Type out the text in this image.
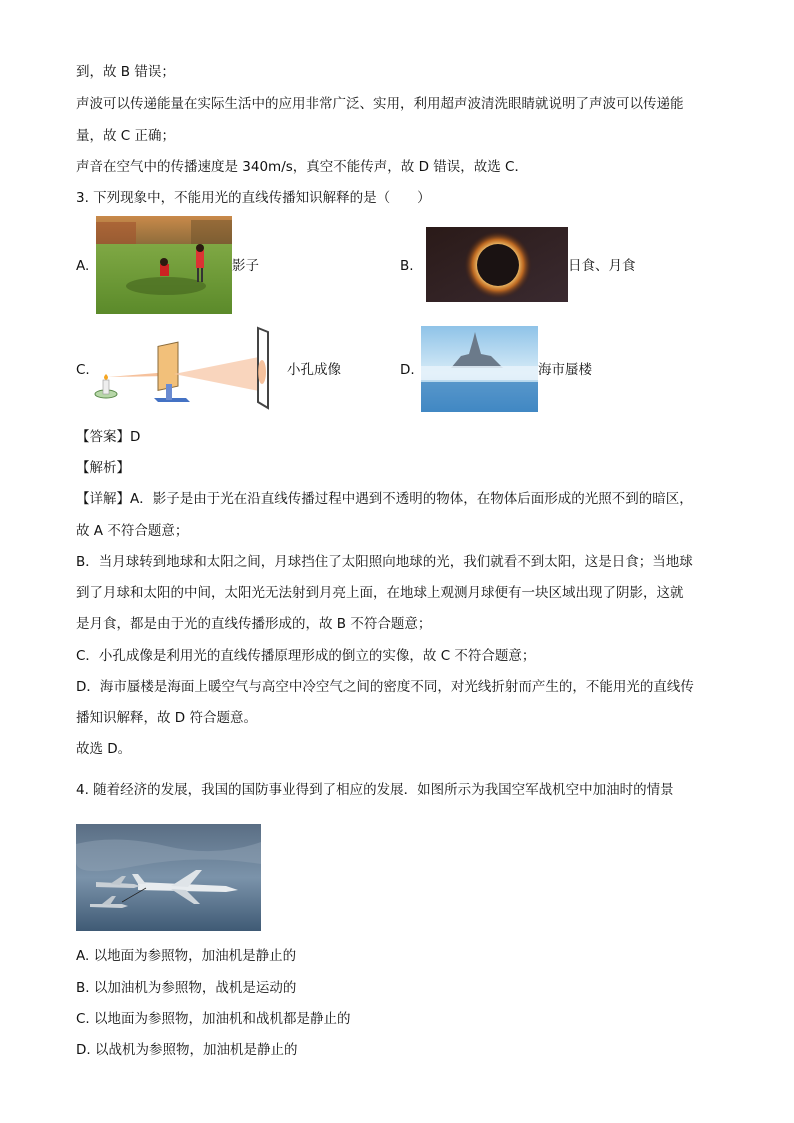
到，故 B 错误；
声波可以传递能量在实际生活中的应用非常广泛、实用，利用超声波清洗眼睛就说明了声波可以传递能
量，故 C 正确；
声音在空气中的传播速度是 340m/s，真空不能传声，故 D 错误，故选 C．
3. 下列现象中，不能用光的直线传播知识解释的是（　　）
A.	影子	B.	日食、月食
C.	小孔成像	D.	海市蜃楼
【答案】D
【解析】
【详解】A．影子是由于光在沿直线传播过程中遇到不透明的物体，在物体后面形成的光照不到的暗区，
故 A 不符合题意；
B．当月球转到地球和太阳之间，月球挡住了太阳照向地球的光，我们就看不到太阳，这是日食；当地球
到了月球和太阳的中间，太阳光无法射到月亮上面，在地球上观测月球便有一块区域出现了阴影，这就
是月食，都是由于光的直线传播形成的，故 B 不符合题意；
C．小孔成像是利用光的直线传播原理形成的倒立的实像，故 C 不符合题意；
D．海市蜃楼是海面上暖空气与高空中冷空气之间的密度不同，对光线折射而产生的，不能用光的直线传
播知识解释，故 D 符合题意。
故选 D。
4. 随着经济的发展，我国的国防事业得到了相应的发展．如图所示为我国空军战机空中加油时的情景
A. 以地面为参照物，加油机是静止的
B. 以加油机为参照物，战机是运动的
C. 以地面为参照物，加油机和战机都是静止的
D. 以战机为参照物，加油机是静止的
